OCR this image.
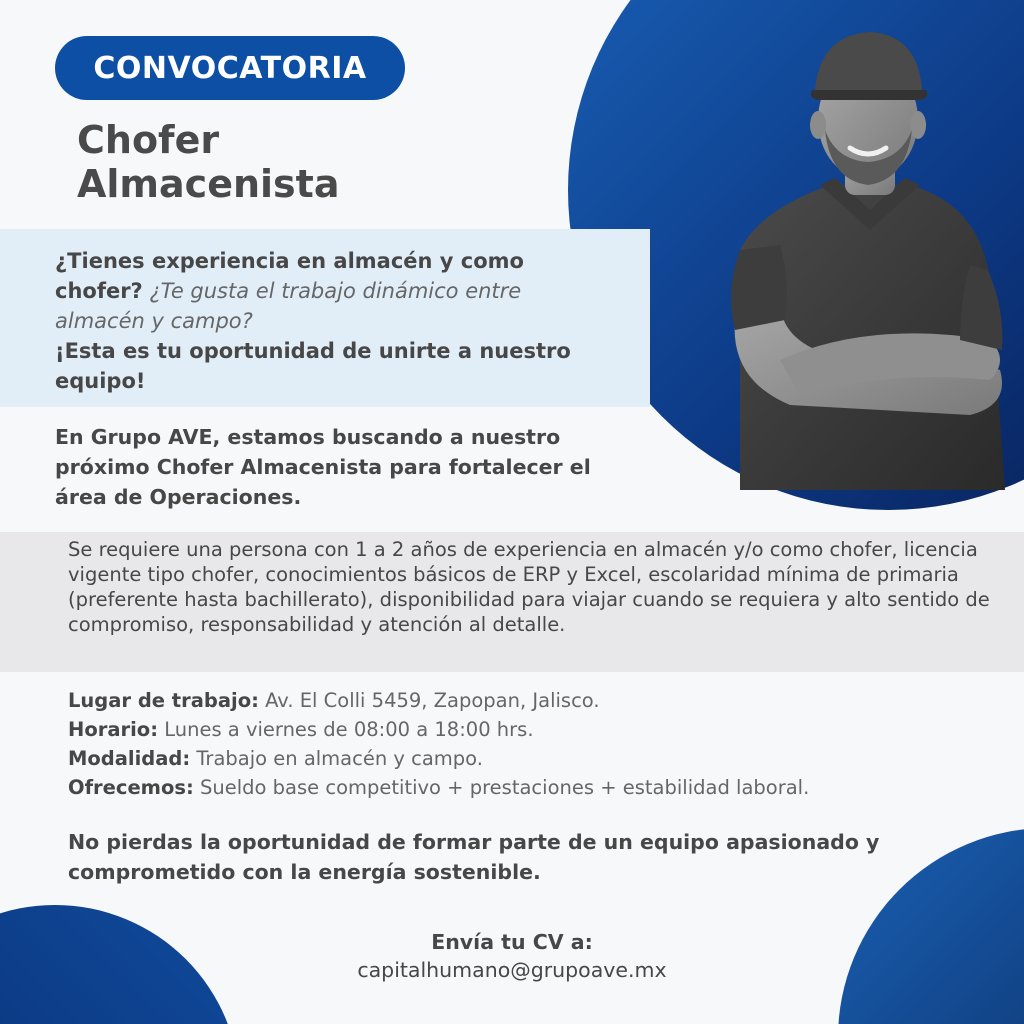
CONVOCATORIA
Chofer
Almacenista
¿Tienes experiencia en almacén y como chofer? ¿Te gusta el trabajo dinámico entre almacén y campo?
¡Esta es tu oportunidad de unirte a nuestro equipo!
En Grupo AVE, estamos buscando a nuestro próximo Chofer Almacenista para fortalecer el área de Operaciones.
Se requiere una persona con 1 a 2 años de experiencia en almacén y/o como chofer, licencia vigente tipo chofer, conocimientos básicos de ERP y Excel, escolaridad mínima de primaria (preferente hasta bachillerato), disponibilidad para viajar cuando se requiera y alto sentido de compromiso, responsabilidad y atención al detalle.
Lugar de trabajo: Av. El Colli 5459, Zapopan, Jalisco.
Horario: Lunes a viernes de 08:00 a 18:00 hrs.
Modalidad: Trabajo en almacén y campo.
Ofrecemos: Sueldo base competitivo + prestaciones + estabilidad laboral.
No pierdas la oportunidad de formar parte de un equipo apasionado y comprometido con la energía sostenible.
Envía tu CV a:
capitalhumano@grupoave.mx
